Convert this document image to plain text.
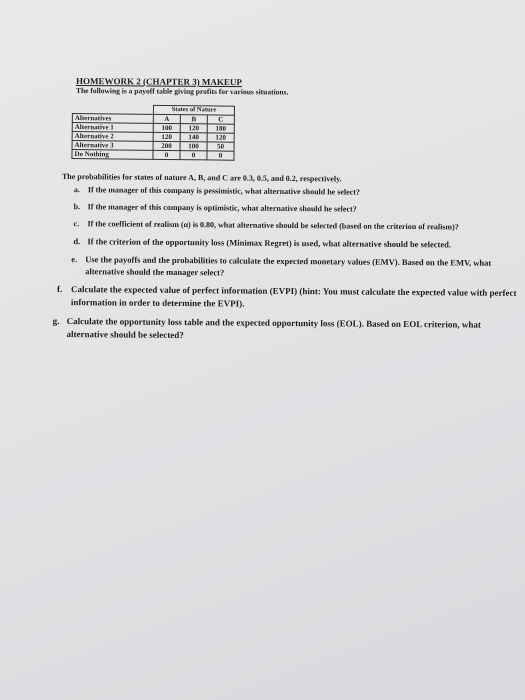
HOMEWORK 2 (CHAPTER 3) MAKEUP
The following is a payoff table giving profits for various situations.
	States of Nature		
Alternatives	A	B	C
Alternative 1	100	120	180
Alternative 2	120	140	120
Alternative 3	200	100	50
Do Nothing	0	0	0
The probabilities for states of nature A, B, and C are 0.3, 0.5, and 0.2, respectively.
a. If the manager of this company is pessimistic, what alternative should he select?
b. If the manager of this company is optimistic, what alternative should he select?
c.	If the coefficient of realism (α) is 0.80, what alternative should be selected (based on the criterion of realism)?
d. If the criterion of the opportunity loss (Minimax Regret) is used, what alternative should be selected.
e. Use the payoffs and the probabilities to calculate the expected monetary values (EMV). Based on the EMV, what alternative should the manager select?
f. Calculate the expected value of perfect information (EVPI) (hint: You must calculate the expected value with perfect information in order to determine the EVPI).
g. Calculate the opportunity loss table and the expected opportunity loss (EOL). Based on EOL criterion, what alternative should be selected?
